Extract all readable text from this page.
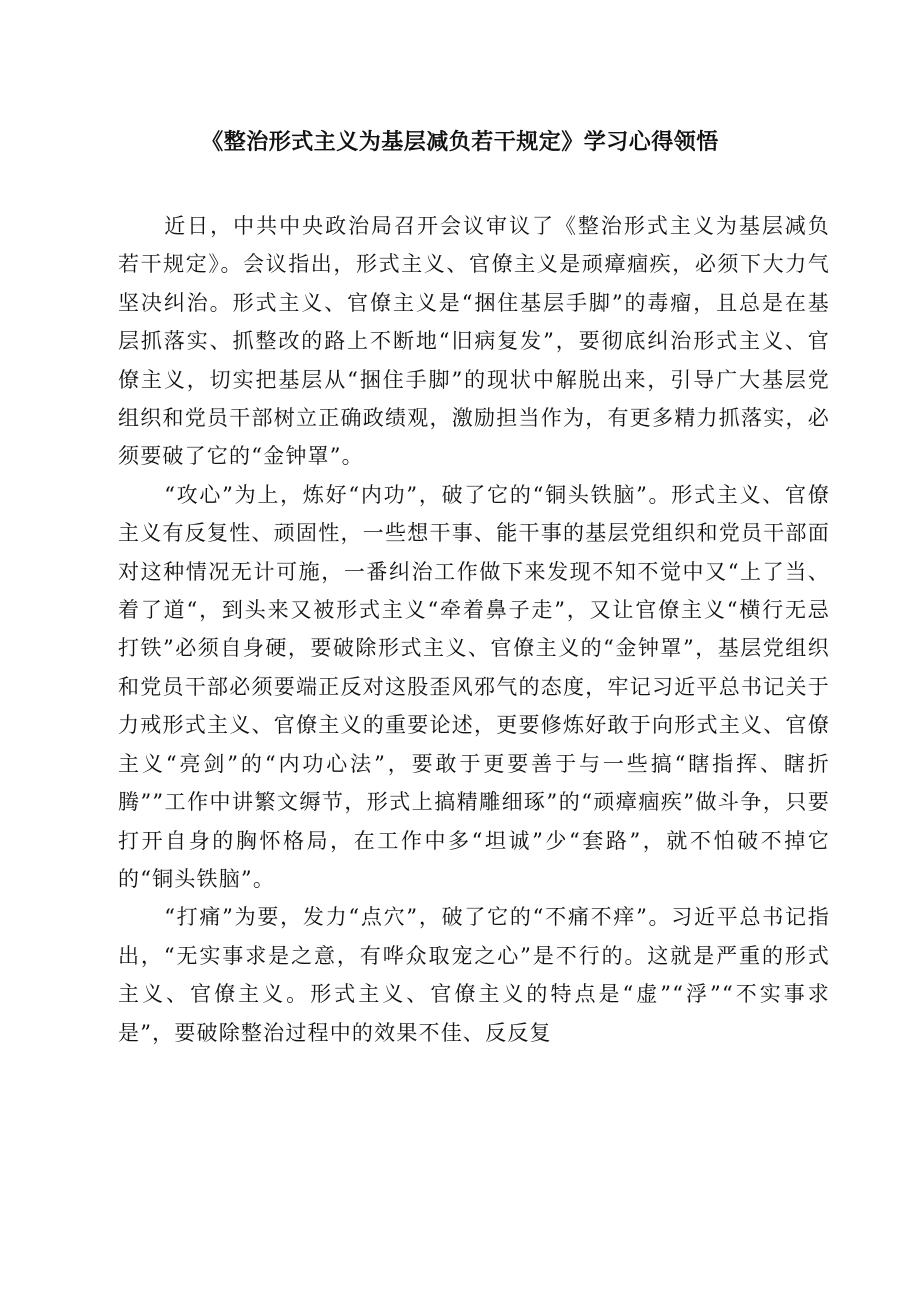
《整治形式主义为基层减负若干规定》学习心得领悟

近日，中共中央政治局召开会议审议了《整治形式主义为基层减负若干规定》。会议指出，形式主义、官僚主义是顽瘴痼疾，必须下大力气坚决纠治。形式主义、官僚主义是“捆住基层手脚”的毒瘤，且总是在基层抓落实、抓整改的路上不断地“旧病复发”，要彻底纠治形式主义、官僚主义，切实把基层从“捆住手脚”的现状中解脱出来，引导广大基层党组织和党员干部树立正确政绩观，激励担当作为，有更多精力抓落实，必须要破了它的“金钟罩”。

“攻心”为上，炼好“内功”，破了它的“铜头铁脑”。形式主义、官僚主义有反复性、顽固性，一些想干事、能干事的基层党组织和党员干部面对这种情况无计可施，一番纠治工作做下来发现不知不觉中又“上了当、着了道“，到头来又被形式主义“牵着鼻子走”，又让官僚主义“横行无忌打铁”必须自身硬，要破除形式主义、官僚主义的“金钟罩”，基层党组织和党员干部必须要端正反对这股歪风邪气的态度，牢记习近平总书记关于力戒形式主义、官僚主义的重要论述，更要修炼好敢于向形式主义、官僚主义“亮剑”的“内功心法”，要敢于更要善于与一些搞“瞎指挥、瞎折腾””工作中讲繁文缛节，形式上搞精雕细琢”的“顽瘴痼疾”做斗争，只要打开自身的胸怀格局，在工作中多“坦诚”少“套路”，就不怕破不掉它的“铜头铁脑”。

“打痛”为要，发力“点穴”，破了它的“不痛不痒”。习近平总书记指出，“无实事求是之意，有哗众取宠之心”是不行的。这就是严重的形式主义、官僚主义。形式主义、官僚主义的特点是“虚”“浮”“不实事求是”，要破除整治过程中的效果不佳、反反复
